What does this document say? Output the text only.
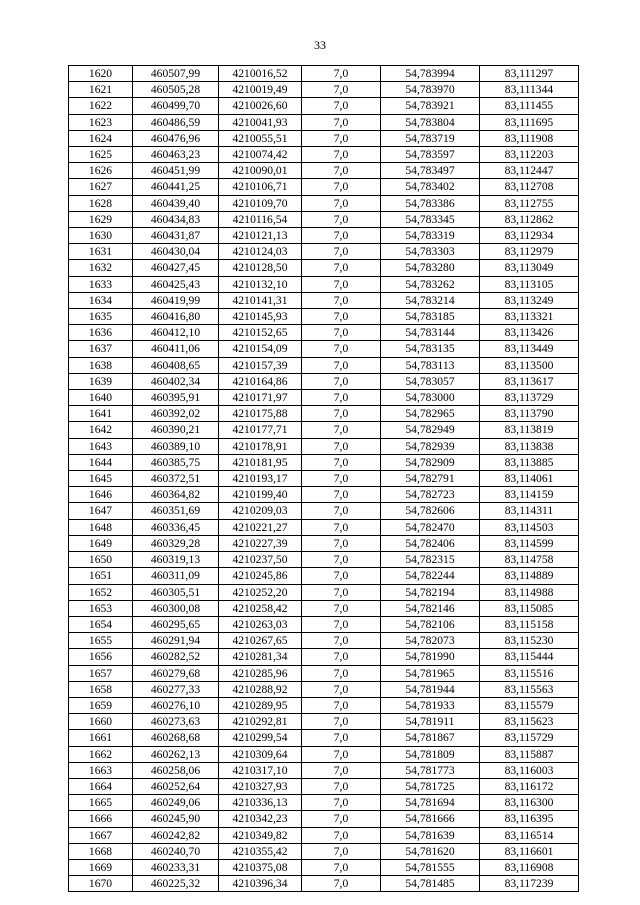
33
1620	460507,99	4210016,52	7,0	54,783994	83,111297
1621	460505,28	4210019,49	7,0	54,783970	83,111344
1622	460499,70	4210026,60	7,0	54,783921	83,111455
1623	460486,59	4210041,93	7,0	54,783804	83,111695
1624	460476,96	4210055,51	7,0	54,783719	83,111908
1625	460463,23	4210074,42	7,0	54,783597	83,112203
1626	460451,99	4210090,01	7,0	54,783497	83,112447
1627	460441,25	4210106,71	7,0	54,783402	83,112708
1628	460439,40	4210109,70	7,0	54,783386	83,112755
1629	460434,83	4210116,54	7,0	54,783345	83,112862
1630	460431,87	4210121,13	7,0	54,783319	83,112934
1631	460430,04	4210124,03	7,0	54,783303	83,112979
1632	460427,45	4210128,50	7,0	54,783280	83,113049
1633	460425,43	4210132,10	7,0	54,783262	83,113105
1634	460419,99	4210141,31	7,0	54,783214	83,113249
1635	460416,80	4210145,93	7,0	54,783185	83,113321
1636	460412,10	4210152,65	7,0	54,783144	83,113426
1637	460411,06	4210154,09	7,0	54,783135	83,113449
1638	460408,65	4210157,39	7,0	54,783113	83,113500
1639	460402,34	4210164,86	7,0	54,783057	83,113617
1640	460395,91	4210171,97	7,0	54,783000	83,113729
1641	460392,02	4210175,88	7,0	54,782965	83,113790
1642	460390,21	4210177,71	7,0	54,782949	83,113819
1643	460389,10	4210178,91	7,0	54,782939	83,113838
1644	460385,75	4210181,95	7,0	54,782909	83,113885
1645	460372,51	4210193,17	7,0	54,782791	83,114061
1646	460364,82	4210199,40	7,0	54,782723	83,114159
1647	460351,69	4210209,03	7,0	54,782606	83,114311
1648	460336,45	4210221,27	7,0	54,782470	83,114503
1649	460329,28	4210227,39	7,0	54,782406	83,114599
1650	460319,13	4210237,50	7,0	54,782315	83,114758
1651	460311,09	4210245,86	7,0	54,782244	83,114889
1652	460305,51	4210252,20	7,0	54,782194	83,114988
1653	460300,08	4210258,42	7,0	54,782146	83,115085
1654	460295,65	4210263,03	7,0	54,782106	83,115158
1655	460291,94	4210267,65	7,0	54,782073	83,115230
1656	460282,52	4210281,34	7,0	54,781990	83,115444
1657	460279,68	4210285,96	7,0	54,781965	83,115516
1658	460277,33	4210288,92	7,0	54,781944	83,115563
1659	460276,10	4210289,95	7,0	54,781933	83,115579
1660	460273,63	4210292,81	7,0	54,781911	83,115623
1661	460268,68	4210299,54	7,0	54,781867	83,115729
1662	460262,13	4210309,64	7,0	54,781809	83,115887
1663	460258,06	4210317,10	7,0	54,781773	83,116003
1664	460252,64	4210327,93	7,0	54,781725	83,116172
1665	460249,06	4210336,13	7,0	54,781694	83,116300
1666	460245,90	4210342,23	7,0	54,781666	83,116395
1667	460242,82	4210349,82	7,0	54,781639	83,116514
1668	460240,70	4210355,42	7,0	54,781620	83,116601
1669	460233,31	4210375,08	7,0	54,781555	83,116908
1670	460225,32	4210396,34	7,0	54,781485	83,117239
